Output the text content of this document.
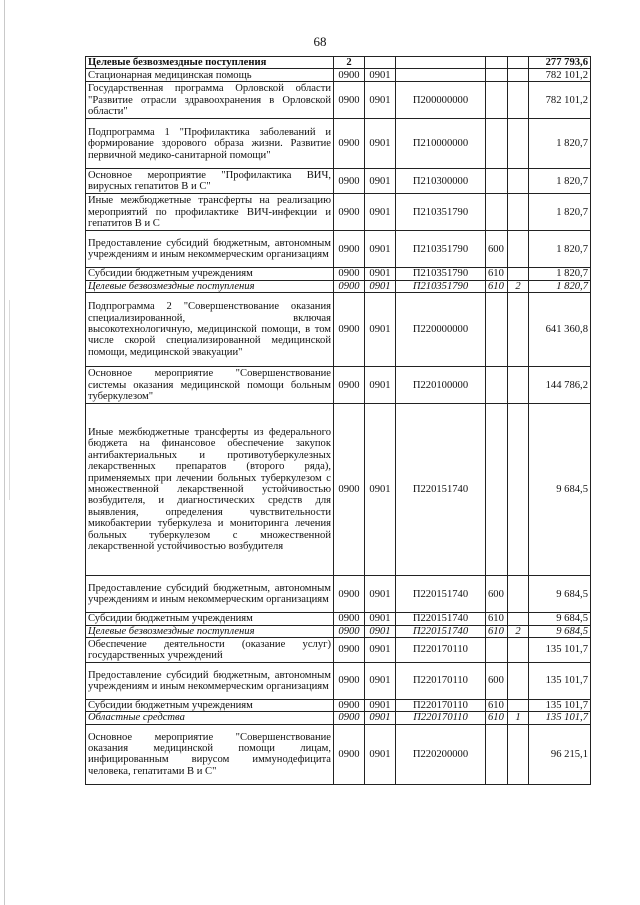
68
Целевые безвозмездные поступления	2					277 793,6
Стационарная медицинская помощь	0900	0901				782 101,2
Государственная программа Орловской области "Развитие отрасли здравоохранения в Орловской области"	0900	0901	П200000000			782 101,2
Подпрограмма 1 "Профилактика заболеваний и формирование здорового образа жизни. Развитие первичной медико-санитарной помощи"	0900	0901	П210000000			1 820,7
Основное мероприятие "Профилактика ВИЧ, вирусных гепатитов В и С"	0900	0901	П210300000			1 820,7
Иные межбюджетные трансферты на реализацию мероприятий по профилактике ВИЧ-инфекции и гепатитов В и С	0900	0901	П210351790			1 820,7
Предоставление субсидий бюджетным, автономным учреждениям и иным некоммерческим организациям	0900	0901	П210351790	600		1 820,7
Субсидии бюджетным учреждениям	0900	0901	П210351790	610		1 820,7
Целевые безвозмездные поступления	0900	0901	П210351790	610	2	1 820,7
Подпрограмма 2 "Совершенствование оказания специализированной, включая высокотехнологичную, медицинской помощи, в том числе скорой специализированной медицинской помощи, медицинской эвакуации"	0900	0901	П220000000			641 360,8
Основное мероприятие "Совершенствование системы оказания медицинской помощи больным туберкулезом"	0900	0901	П220100000			144 786,2
Иные межбюджетные трансферты из федерального бюджета на финансовое обеспечение закупок антибактериальных и противотуберкулезных лекарственных препаратов (второго ряда), применяемых при лечении больных туберкулезом с множественной лекарственной устойчивостью возбудителя, и диагностических средств для выявления, определения чувствительности микобактерии туберкулеза и мониторинга лечения больных туберкулезом с множественной лекарственной устойчивостью возбудителя	0900	0901	П220151740			9 684,5
Предоставление субсидий бюджетным, автономным учреждениям и иным некоммерческим организациям	0900	0901	П220151740	600		9 684,5
Субсидии бюджетным учреждениям	0900	0901	П220151740	610		9 684,5
Целевые безвозмездные поступления	0900	0901	П220151740	610	2	9 684,5
Обеспечение деятельности (оказание услуг) государственных учреждений	0900	0901	П220170110			135 101,7
Предоставление субсидий бюджетным, автономным учреждениям и иным некоммерческим организациям	0900	0901	П220170110	600		135 101,7
Субсидии бюджетным учреждениям	0900	0901	П220170110	610		135 101,7
Областные средства	0900	0901	П220170110	610	1	135 101,7
Основное мероприятие "Совершенствование оказания медицинской помощи лицам, инфицированным вирусом иммунодефицита человека, гепатитами В и С"	0900	0901	П220200000			96 215,1
